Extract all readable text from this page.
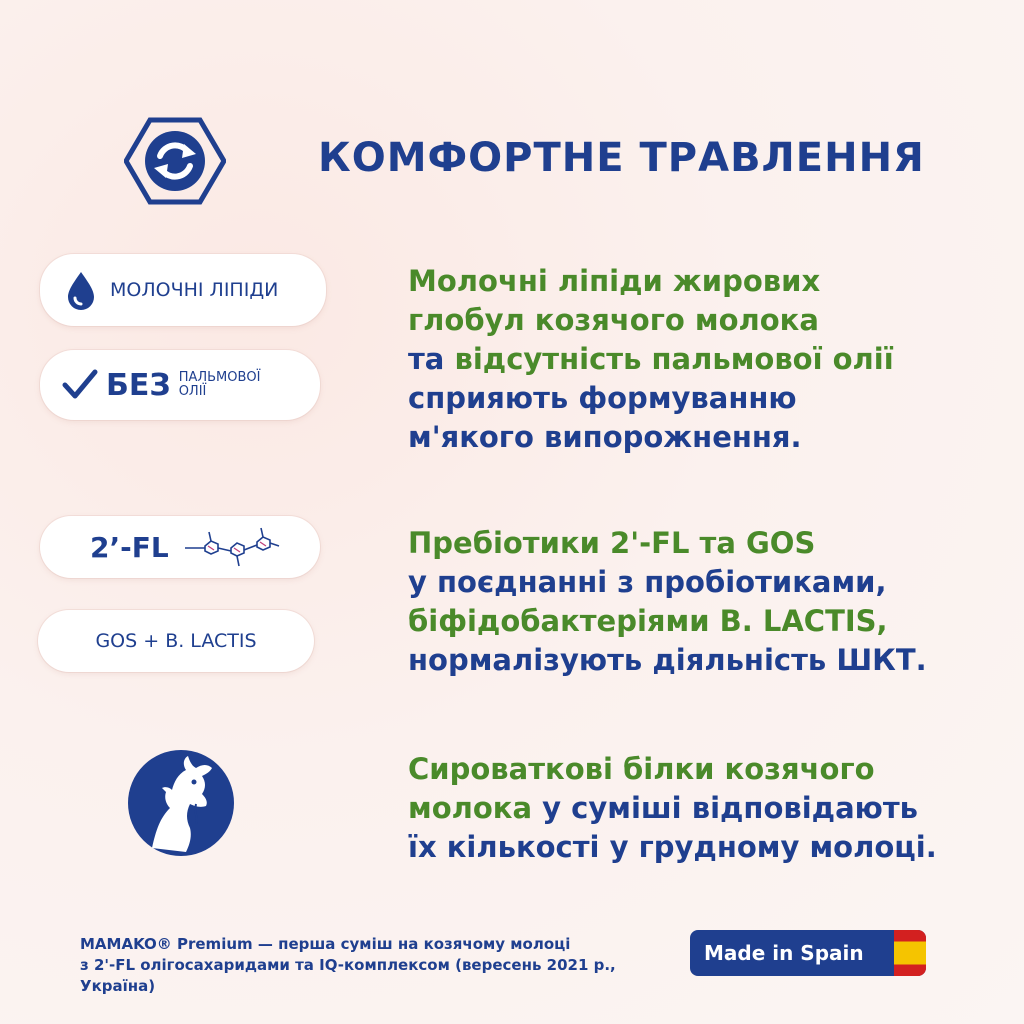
КОМФОРТНЕ ТРАВЛЕННЯ
МОЛОЧНІ ЛІПІДИ
БЕЗ ПАЛЬМОВОЇ
ОЛІЇ
Молочні ліпіди жирових
глобул козячого молока
та відсутність пальмової олії
сприяють формуванню
м'якого випорожнення.
2’-FL
GOS + B. LACTIS
Пребіотики 2'-FL та GOS
у поєднанні з пробіотиками,
біфідобактеріями B. LACTIS,
нормалізують діяльність ШКТ.
Сироваткові білки козячого
молока у суміші відповідають
їх кількості у грудному молоці.
MAMAKO® Premium — перша суміш на козячому молоці
з 2'-FL олігосахаридами та IQ-комплексом (вересень 2021 р.,
Україна)
Made in Spain
